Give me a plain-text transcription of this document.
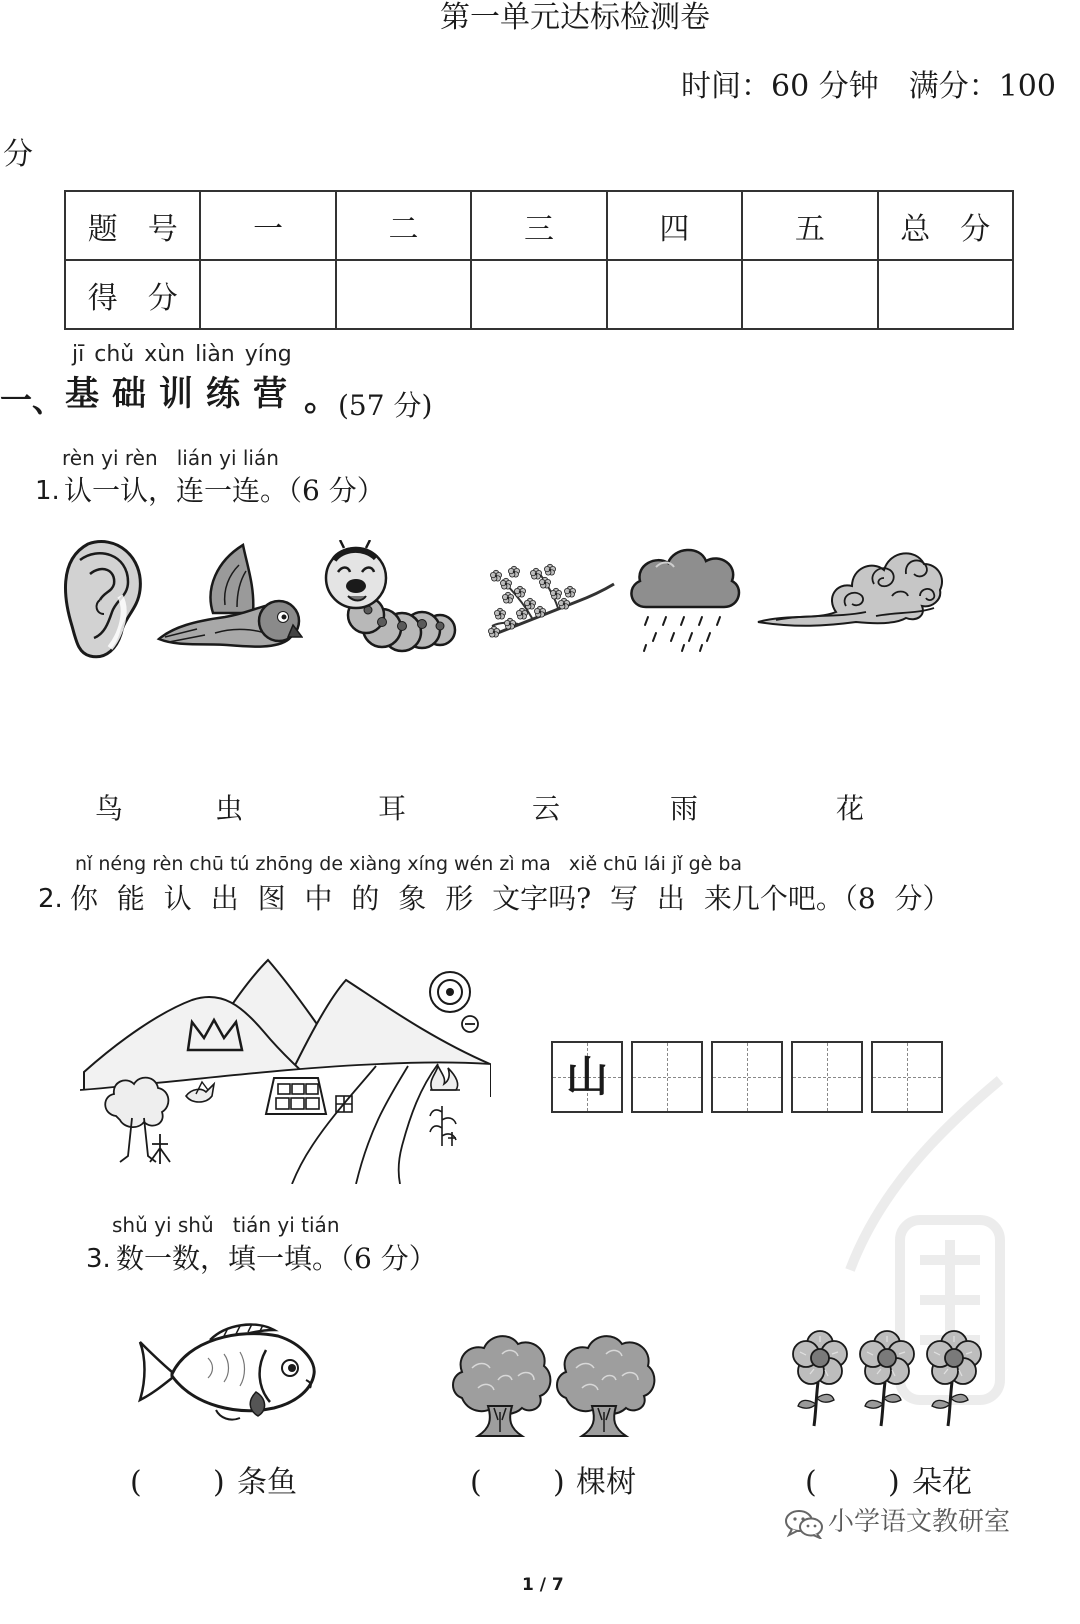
第一单元达标检测卷
时间：60 分钟　满分：100
分
题　号	一	二	三	四	五	总　分
得　分						
jī chǔ xùn liàn yíng
一、 基础训练营 。 (57 分)
rèn yi rèn   lián yi lián
1. 认一认，连一连。（6 分）
鸟	虫	耳	云	雨	花
nǐ néng rèn chū tú zhōng de xiàng xíng wén zì ma   xiě chū lái jǐ gè ba
2. 你 能 认 出 图 中 的 象 形 文字吗? 写 出 来几个吧。（8 分）
山
shǔ yi shǔ   tián yi tián
3. 数一数，填一填。（6 分）
( ) 条鱼	( ) 棵树	( ) 朵花
小学语文教研室
1 / 7
